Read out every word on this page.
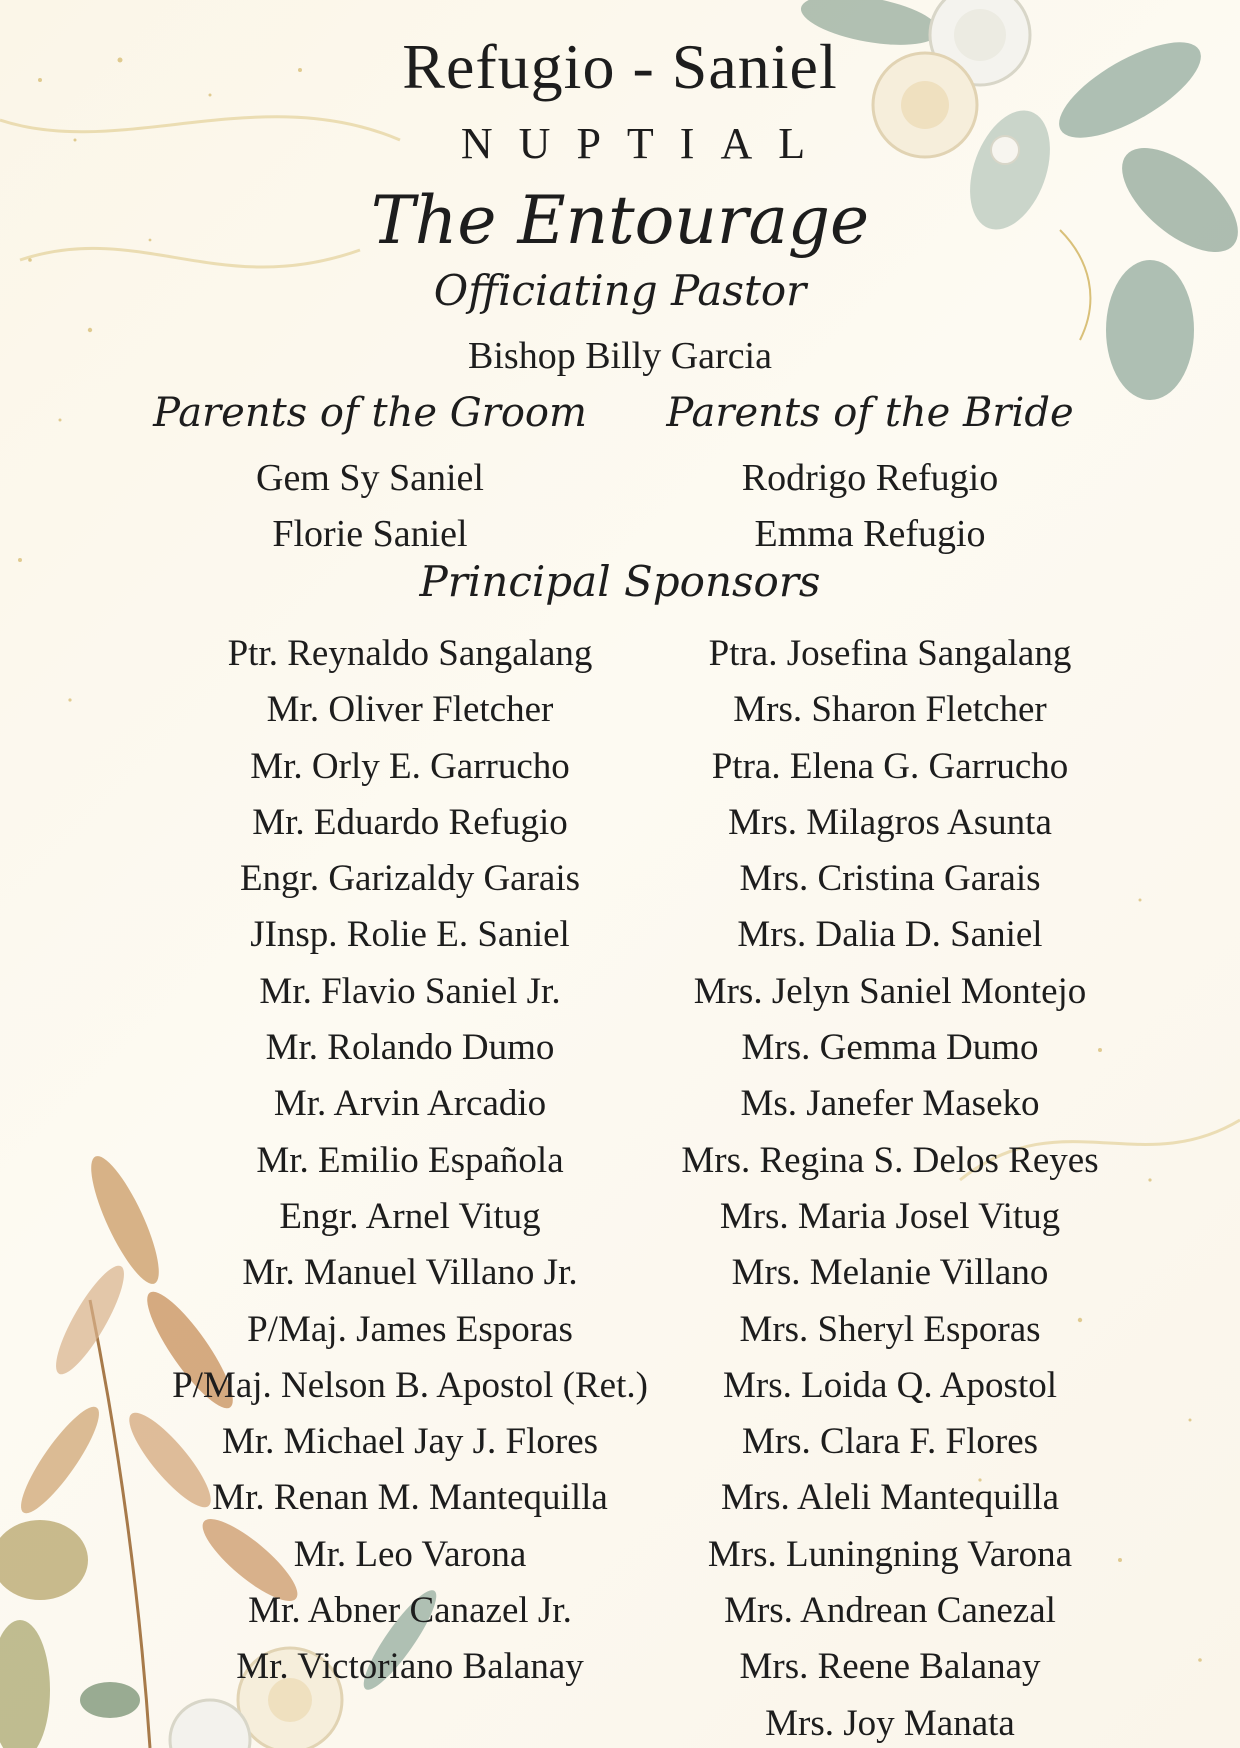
Refugio - Saniel
NUPTIAL
The Entourage
Officiating Pastor
Bishop Billy Garcia
Parents of the Groom	Parents of the Bride
Gem Sy Saniel
Florie Saniel
Rodrigo Refugio
Emma Refugio
Principal Sponsors
Ptr. Reynaldo Sangalang
Mr. Oliver Fletcher
Mr. Orly E. Garrucho
Mr. Eduardo Refugio
Engr. Garizaldy Garais
JInsp. Rolie E. Saniel
Mr. Flavio Saniel Jr.
Mr. Rolando Dumo
Mr. Arvin Arcadio
Mr. Emilio Española
Engr. Arnel Vitug
Mr. Manuel Villano Jr.
P/Maj. James Esporas
P/Maj. Nelson B. Apostol (Ret.)
Mr. Michael Jay J. Flores
Mr. Renan M. Mantequilla
Mr. Leo Varona
Mr. Abner Canazel Jr.
Mr. Victoriano Balanay
Ptra. Josefina Sangalang
Mrs. Sharon Fletcher
Ptra. Elena G. Garrucho
Mrs. Milagros Asunta
Mrs. Cristina Garais
Mrs. Dalia D. Saniel
Mrs. Jelyn Saniel Montejo
Mrs. Gemma Dumo
Ms. Janefer Maseko
Mrs. Regina S. Delos Reyes
Mrs. Maria Josel Vitug
Mrs. Melanie Villano
Mrs. Sheryl Esporas
Mrs. Loida Q. Apostol
Mrs. Clara F. Flores
Mrs. Aleli Mantequilla
Mrs. Luningning Varona
Mrs. Andrean Canezal
Mrs. Reene Balanay
Mrs. Joy Manata
